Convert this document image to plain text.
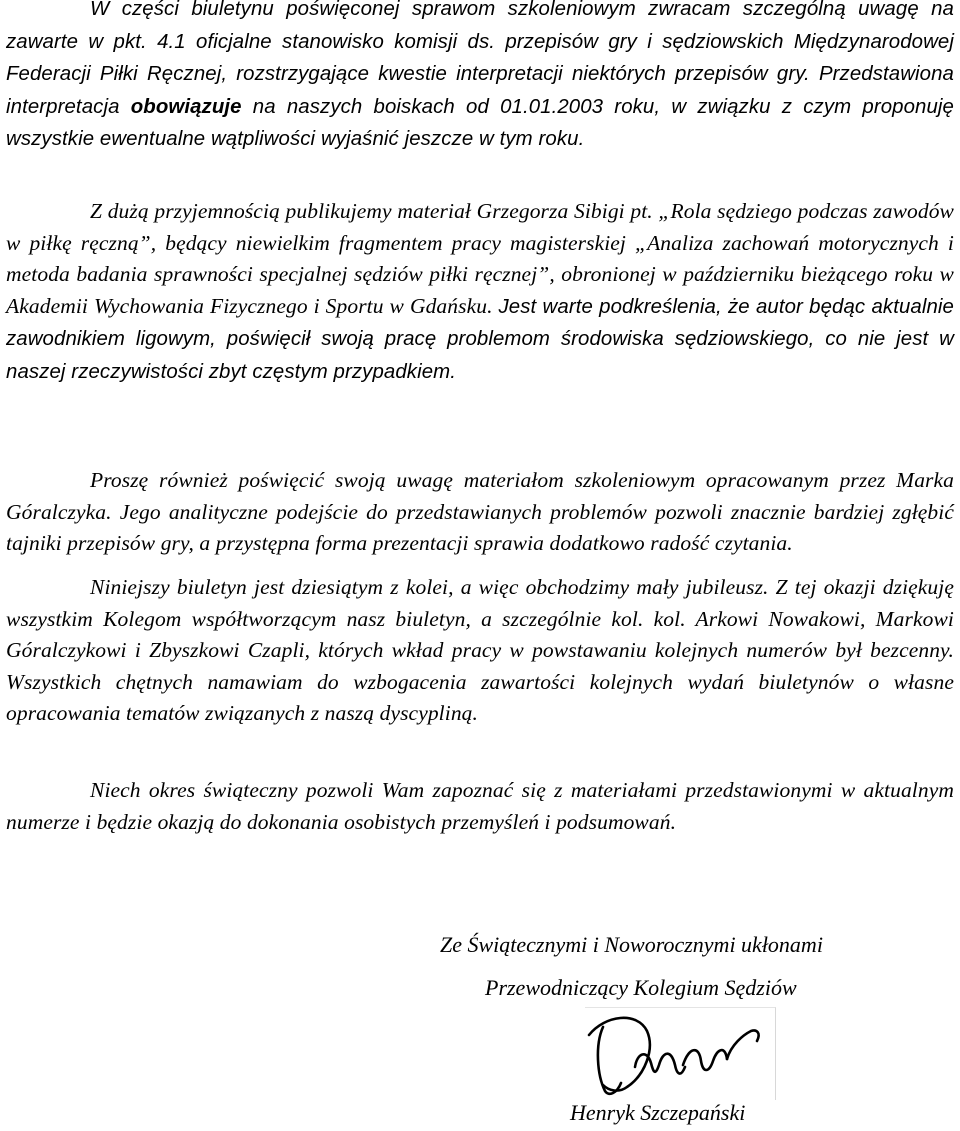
W części biuletynu poświęconej sprawom szkoleniowym zwracam szczególną uwagę na zawarte w pkt. 4.1 oficjalne stanowisko komisji ds. przepisów gry i sędziowskich Międzynarodowej Federacji Piłki Ręcznej, rozstrzygające kwestie interpretacji niektórych przepisów gry. Przedstawiona interpretacja obowiązuje na naszych boiskach od 01.01.2003 roku, w związku z czym proponuję wszystkie ewentualne wątpliwości wyjaśnić jeszcze w tym roku.

Z dużą przyjemnością publikujemy materiał Grzegorza Sibigi pt. „Rola sędziego podczas zawodów w piłkę ręczną”, będący niewielkim fragmentem pracy magisterskiej „Analiza zachowań motorycznych i metoda badania sprawności specjalnej sędziów piłki ręcznej”, obronionej w październiku bieżącego roku w Akademii Wychowania Fizycznego i Sportu w Gdańsku. Jest warte podkreślenia, że autor będąc aktualnie zawodnikiem ligowym, poświęcił swoją pracę problemom środowiska sędziowskiego, co nie jest w naszej rzeczywistości zbyt częstym przypadkiem.

Proszę również poświęcić swoją uwagę materiałom szkoleniowym opracowanym przez Marka Góralczyka. Jego analityczne podejście do przedstawianych problemów pozwoli znacznie bardziej zgłębić tajniki przepisów gry, a przystępna forma prezentacji sprawia dodatkowo radość czytania.

Niniejszy biuletyn jest dziesiątym z kolei, a więc obchodzimy mały jubileusz. Z tej okazji dziękuję wszystkim Kolegom współtworzącym nasz biuletyn, a szczególnie kol. kol. Arkowi Nowakowi, Markowi Góralczykowi i Zbyszkowi Czapli, których wkład pracy w powstawaniu kolejnych numerów był bezcenny. Wszystkich chętnych namawiam do wzbogacenia zawartości kolejnych wydań biuletynów o własne opracowania tematów związanych z naszą dyscypliną.

Niech okres świąteczny pozwoli Wam zapoznać się z materiałami przedstawionymi w aktualnym numerze i będzie okazją do dokonania osobistych przemyśleń i podsumowań.

Ze Świątecznymi i Noworocznymi ukłonami
Przewodniczący Kolegium Sędziów
Henryk Szczepański
